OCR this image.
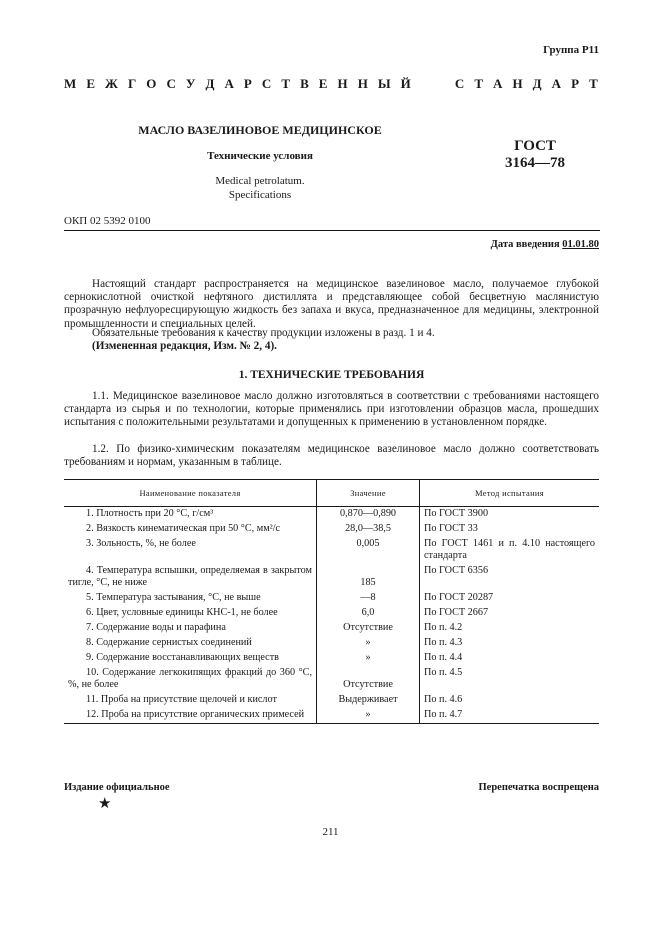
Группа Р11
М Е Ж Г О С У Д А Р С Т В Е Н Н Ы Й	С Т А Н Д А Р Т
МАСЛО ВАЗЕЛИНОВОЕ МЕДИЦИНСКОЕ
Технические условия
Medical petrolatum.
Specifications
ГОСТ
3164—78
ОКП 02 5392 0100
Дата введения 01.01.80
Настоящий стандарт распространяется на медицинское вазелиновое масло, получаемое глубокой сернокислотной очисткой нефтяного дистиллята и представляющее собой бесцветную маслянистую прозрачную нефлуоресцирующую жидкость без запаха и вкуса, предназначенное для медицины, электронной промышленности и специальных целей.
Обязательные требования к качеству продукции изложены в разд. 1 и 4.
(Измененная редакция, Изм. № 2, 4).
1. ТЕХНИЧЕСКИЕ ТРЕБОВАНИЯ
1.1. Медицинское вазелиновое масло должно изготовляться в соответствии с требованиями настоящего стандарта из сырья и по технологии, которые применялись при изготовлении образцов масла, прошедших испытания с положительными результатами и допущенных к применению в установленном порядке.
1.2. По физико-химическим показателям медицинское вазелиновое масло должно соответствовать требованиям и нормам, указанным в таблице.
Наименование показателя	Значение	Метод испытания
1. Плотность при 20 °С, г/см³	0,870—0,890	По ГОСТ 3900
2. Вязкость кинематическая при 50 °С, мм²/с	28,0—38,5	По ГОСТ 33
3. Зольность, %, не более	0,005	По ГОСТ 1461 и п. 4.10 настоящего стандарта
4. Температура вспышки, определяемая в закрытом тигле, °С, не ниже	185	По ГОСТ 6356
5. Температура застывания, °С, не выше	—8	По ГОСТ 20287
6. Цвет, условные единицы КНС-1, не более	6,0	По ГОСТ 2667
7. Содержание воды и парафина	Отсутствие	По п. 4.2
8. Содержание сернистых соединений	»	По п. 4.3
9. Содержание восстанавливающих веществ	»	По п. 4.4
10. Содержание легкокипящих фракций до 360 °С, %, не более	Отсутствие	По п. 4.5
11. Проба на присутствие щелочей и кислот	Выдерживает	По п. 4.6
12. Проба на присутствие органических примесей	»	По п. 4.7
Издание официальное	Перепечатка воспрещена
★
211
